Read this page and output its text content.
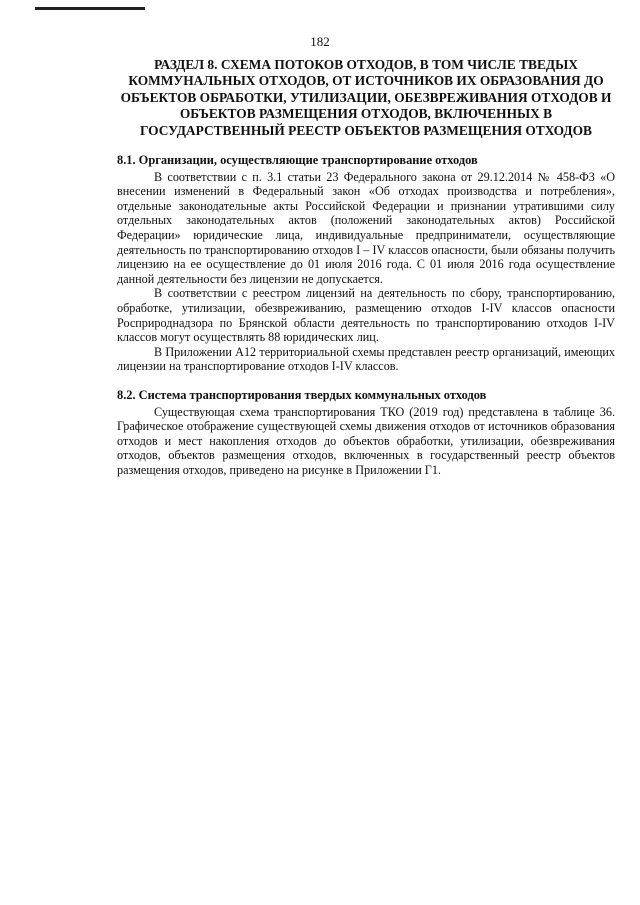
182
РАЗДЕЛ 8. СХЕМА ПОТОКОВ ОТХОДОВ, В ТОМ ЧИСЛЕ ТВЕДЫХ
КОММУНАЛЬНЫХ ОТХОДОВ, ОТ ИСТОЧНИКОВ ИХ ОБРАЗОВАНИЯ ДО
ОБЪЕКТОВ ОБРАБОТКИ, УТИЛИЗАЦИИ, ОБЕЗВРЕЖИВАНИЯ ОТХОДОВ И
ОБЪЕКТОВ РАЗМЕЩЕНИЯ ОТХОДОВ, ВКЛЮЧЕННЫХ В
ГОСУДАРСТВЕННЫЙ РЕЕСТР ОБЪЕКТОВ РАЗМЕЩЕНИЯ ОТХОДОВ
8.1. Организации, осуществляющие транспортирование отходов

В соответствии с п. 3.1 статьи 23 Федерального закона от 29.12.2014 № 458-ФЗ «О внесении изменений в Федеральный закон «Об отходах производства и потребления», отдельные законодательные акты Российской Федерации и признании утратившими силу отдельных законодательных актов (положений законодательных актов) Российской Федерации» юридические лица, индивидуальные предприниматели, осуществляющие деятельность по транспортированию отходов I – IV классов опасности, были обязаны получить лицензию на ее осуществление до 01 июля 2016 года. С 01 июля 2016 года осуществление данной деятельности без лицензии не допускается.

В соответствии с реестром лицензий на деятельность по сбору, транспортированию, обработке, утилизации, обезвреживанию, размещению отходов I-IV классов опасности Росприроднадзора по Брянской области деятельность по транспортированию отходов I-IV классов могут осуществлять 88 юридических лиц.

В Приложении А12 территориальной схемы представлен реестр организаций, имеющих лицензии на транспортирование отходов I-IV классов.

8.2. Система транспортирования твердых коммунальных отходов

Существующая схема транспортирования ТКО (2019 год) представлена в таблице 36. Графическое отображение существующей схемы движения отходов от источников образования отходов и мест накопления отходов до объектов обработки, утилизации, обезвреживания отходов, объектов размещения отходов, включенных в государственный реестр объектов размещения отходов, приведено на рисунке в Приложении Г1.
